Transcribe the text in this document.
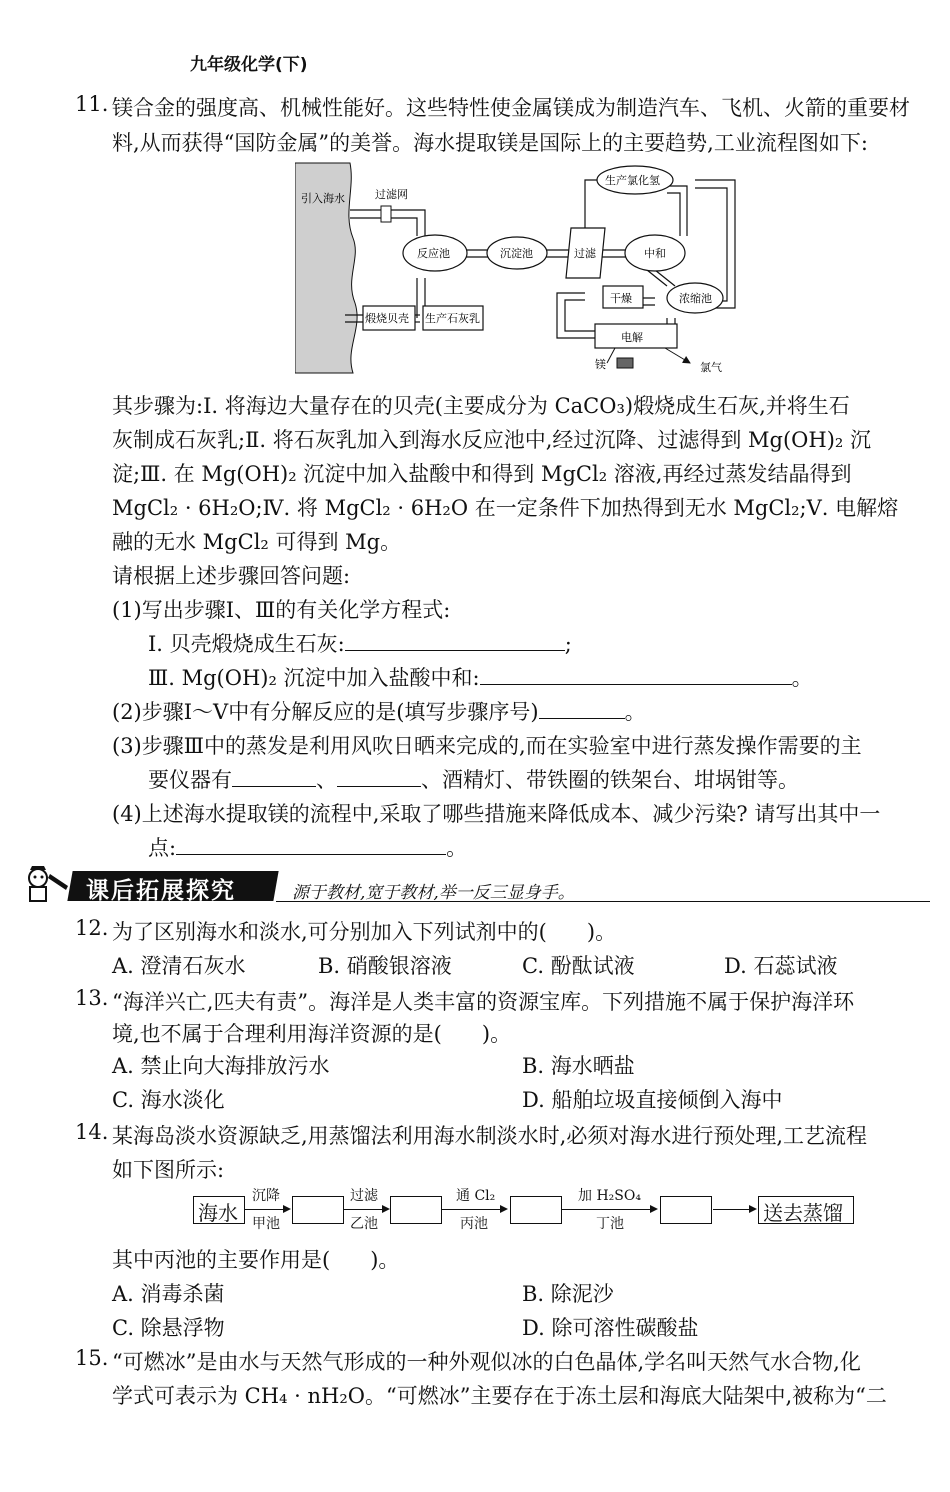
九年级化学(下)
11. 镁合金的强度高、机械性能好。这些特性使金属镁成为制造汽车、飞机、火箭的重要材
料,从而获得“国防金属”的美誉。海水提取镁是国际上的主要趋势,工业流程图如下:
引入海水	过滤网
反应池	沉淀池	过滤	中和
生产氯化氢
干燥	浓缩池
电解
镁	氯气
煅烧贝壳 生产石灰乳
其步骤为:Ⅰ. 将海边大量存在的贝壳(主要成分为 CaCO₃)煅烧成生石灰,并将生石
灰制成石灰乳;Ⅱ. 将石灰乳加入到海水反应池中,经过沉降、过滤得到 Mg(OH)₂ 沉
淀;Ⅲ. 在 Mg(OH)₂ 沉淀中加入盐酸中和得到 MgCl₂ 溶液,再经过蒸发结晶得到
MgCl₂ · 6H₂O;Ⅳ. 将 MgCl₂ · 6H₂O 在一定条件下加热得到无水 MgCl₂;Ⅴ. 电解熔
融的无水 MgCl₂ 可得到 Mg。
请根据上述步骤回答问题:
(1)写出步骤Ⅰ、Ⅲ的有关化学方程式:
Ⅰ. 贝壳煅烧成生石灰:	;
Ⅲ. Mg(OH)₂ 沉淀中加入盐酸中和:	。
(2)步骤Ⅰ～Ⅴ中有分解反应的是(填写步骤序号)	。
(3)步骤Ⅲ中的蒸发是利用风吹日晒来完成的,而在实验室中进行蒸发操作需要的主
要仪器有	、	、酒精灯、带铁圈的铁架台、坩埚钳等。
(4)上述海水提取镁的流程中,采取了哪些措施来降低成本、减少污染? 请写出其中一
点:	。
课后拓展探究	源于教材,宽于教材,举一反三显身手。
12. 为了区别海水和淡水,可分别加入下列试剂中的( )。
A. 澄清石灰水	B. 硝酸银溶液	C. 酚酞试液	D. 石蕊试液
13. “海洋兴亡,匹夫有责”。海洋是人类丰富的资源宝库。下列措施不属于保护海洋环
境,也不属于合理利用海洋资源的是( )。
A. 禁止向大海排放污水	B. 海水晒盐
C. 海水淡化	D. 船舶垃圾直接倾倒入海中
14. 某海岛淡水资源缺乏,用蒸馏法利用海水制淡水时,必须对海水进行预处理,工艺流程
如下图所示:
海水
沉降
甲池
过滤
乙池
通 Cl₂
丙池
加 H₂SO₄
丁池	送去蒸馏
其中丙池的主要作用是( )。
A. 消毒杀菌	B. 除泥沙
C. 除悬浮物	D. 除可溶性碳酸盐
15. “可燃冰”是由水与天然气形成的一种外观似冰的白色晶体,学名叫天然气水合物,化
学式可表示为 CH₄ · nH₂O。“可燃冰”主要存在于冻土层和海底大陆架中,被称为“二
